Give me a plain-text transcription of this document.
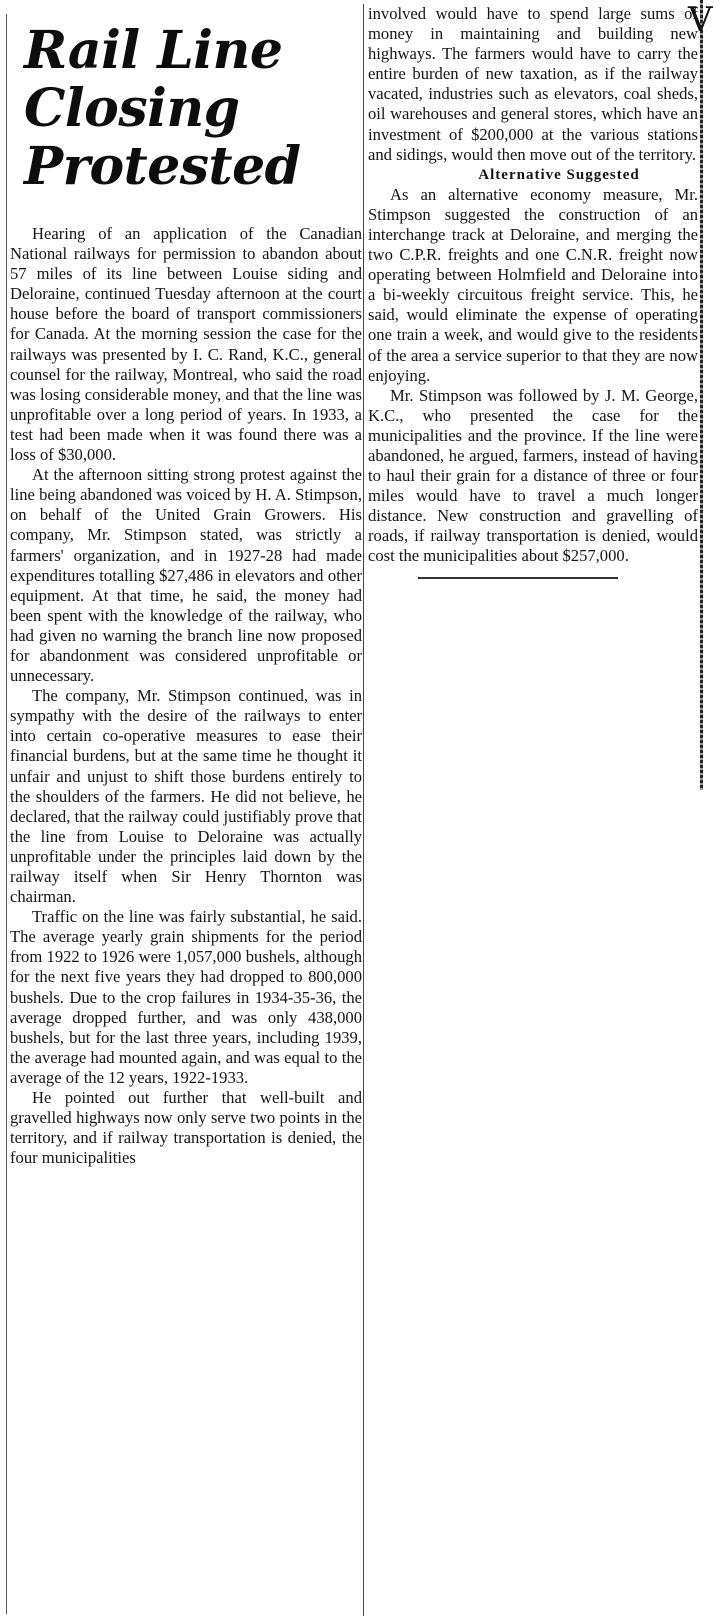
V
Rail Line
Closing
Protested

Hearing of an application of the Canadian National railways for permission to abandon about 57 miles of its line between Louise siding and Deloraine, continued Tuesday afternoon at the court house before the board of transport commissioners for Canada. At the morning session the case for the railways was presented by I. C. Rand, K.C., general counsel for the railway, Montreal, who said the road was losing considerable money, and that the line was unprofitable over a long period of years. In 1933, a test had been made when it was found there was a loss of $30,000.

At the afternoon sitting strong protest against the line being abandoned was voiced by H. A. Stimpson, on behalf of the United Grain Growers. His company, Mr. Stimpson stated, was strictly a farmers' organization, and in 1927-28 had made expenditures totalling $27,486 in elevators and other equipment. At that time, he said, the money had been spent with the knowledge of the railway, who had given no warning the branch line now proposed for abandonment was considered unprofitable or unnecessary.

The company, Mr. Stimpson continued, was in sympathy with the desire of the railways to enter into certain co-operative measures to ease their financial burdens, but at the same time he thought it unfair and unjust to shift those burdens entirely to the shoulders of the farmers. He did not believe, he declared, that the railway could justifiably prove that the line from Louise to Deloraine was actually unprofitable under the principles laid down by the railway itself when Sir Henry Thornton was chairman.

Traffic on the line was fairly substantial, he said. The average yearly grain shipments for the period from 1922 to 1926 were 1,057,000 bushels, although for the next five years they had dropped to 800,000 bushels. Due to the crop failures in 1934-35-36, the average dropped further, and was only 438,000 bushels, but for the last three years, including 1939, the average had mounted again, and was equal to the average of the 12 years, 1922-1933.

He pointed out further that well-built and gravelled highways now only serve two points in the territory, and if railway transportation is denied, the four municipalities

involved would have to spend large sums of money in maintaining and building new highways. The farmers would have to carry the entire burden of new taxation, as if the railway vacated, industries such as elevators, coal sheds, oil warehouses and general stores, which have an investment of $200,000 at the various stations and sidings, would then move out of the territory.

Alternative Suggested

As an alternative economy measure, Mr. Stimpson suggested the construction of an interchange track at Deloraine, and merging the two C.P.R. freights and one C.N.R. freight now operating between Holmfield and Deloraine into a bi-weekly circuitous freight service. This, he said, would eliminate the expense of operating one train a week, and would give to the residents of the area a service superior to that they are now enjoying.

Mr. Stimpson was followed by J. M. George, K.C., who presented the case for the municipalities and the province. If the line were abandoned, he argued, farmers, instead of having to haul their grain for a distance of three or four miles would have to travel a much longer distance. New construction and gravelling of roads, if railway transportation is denied, would cost the municipalities about $257,000.
